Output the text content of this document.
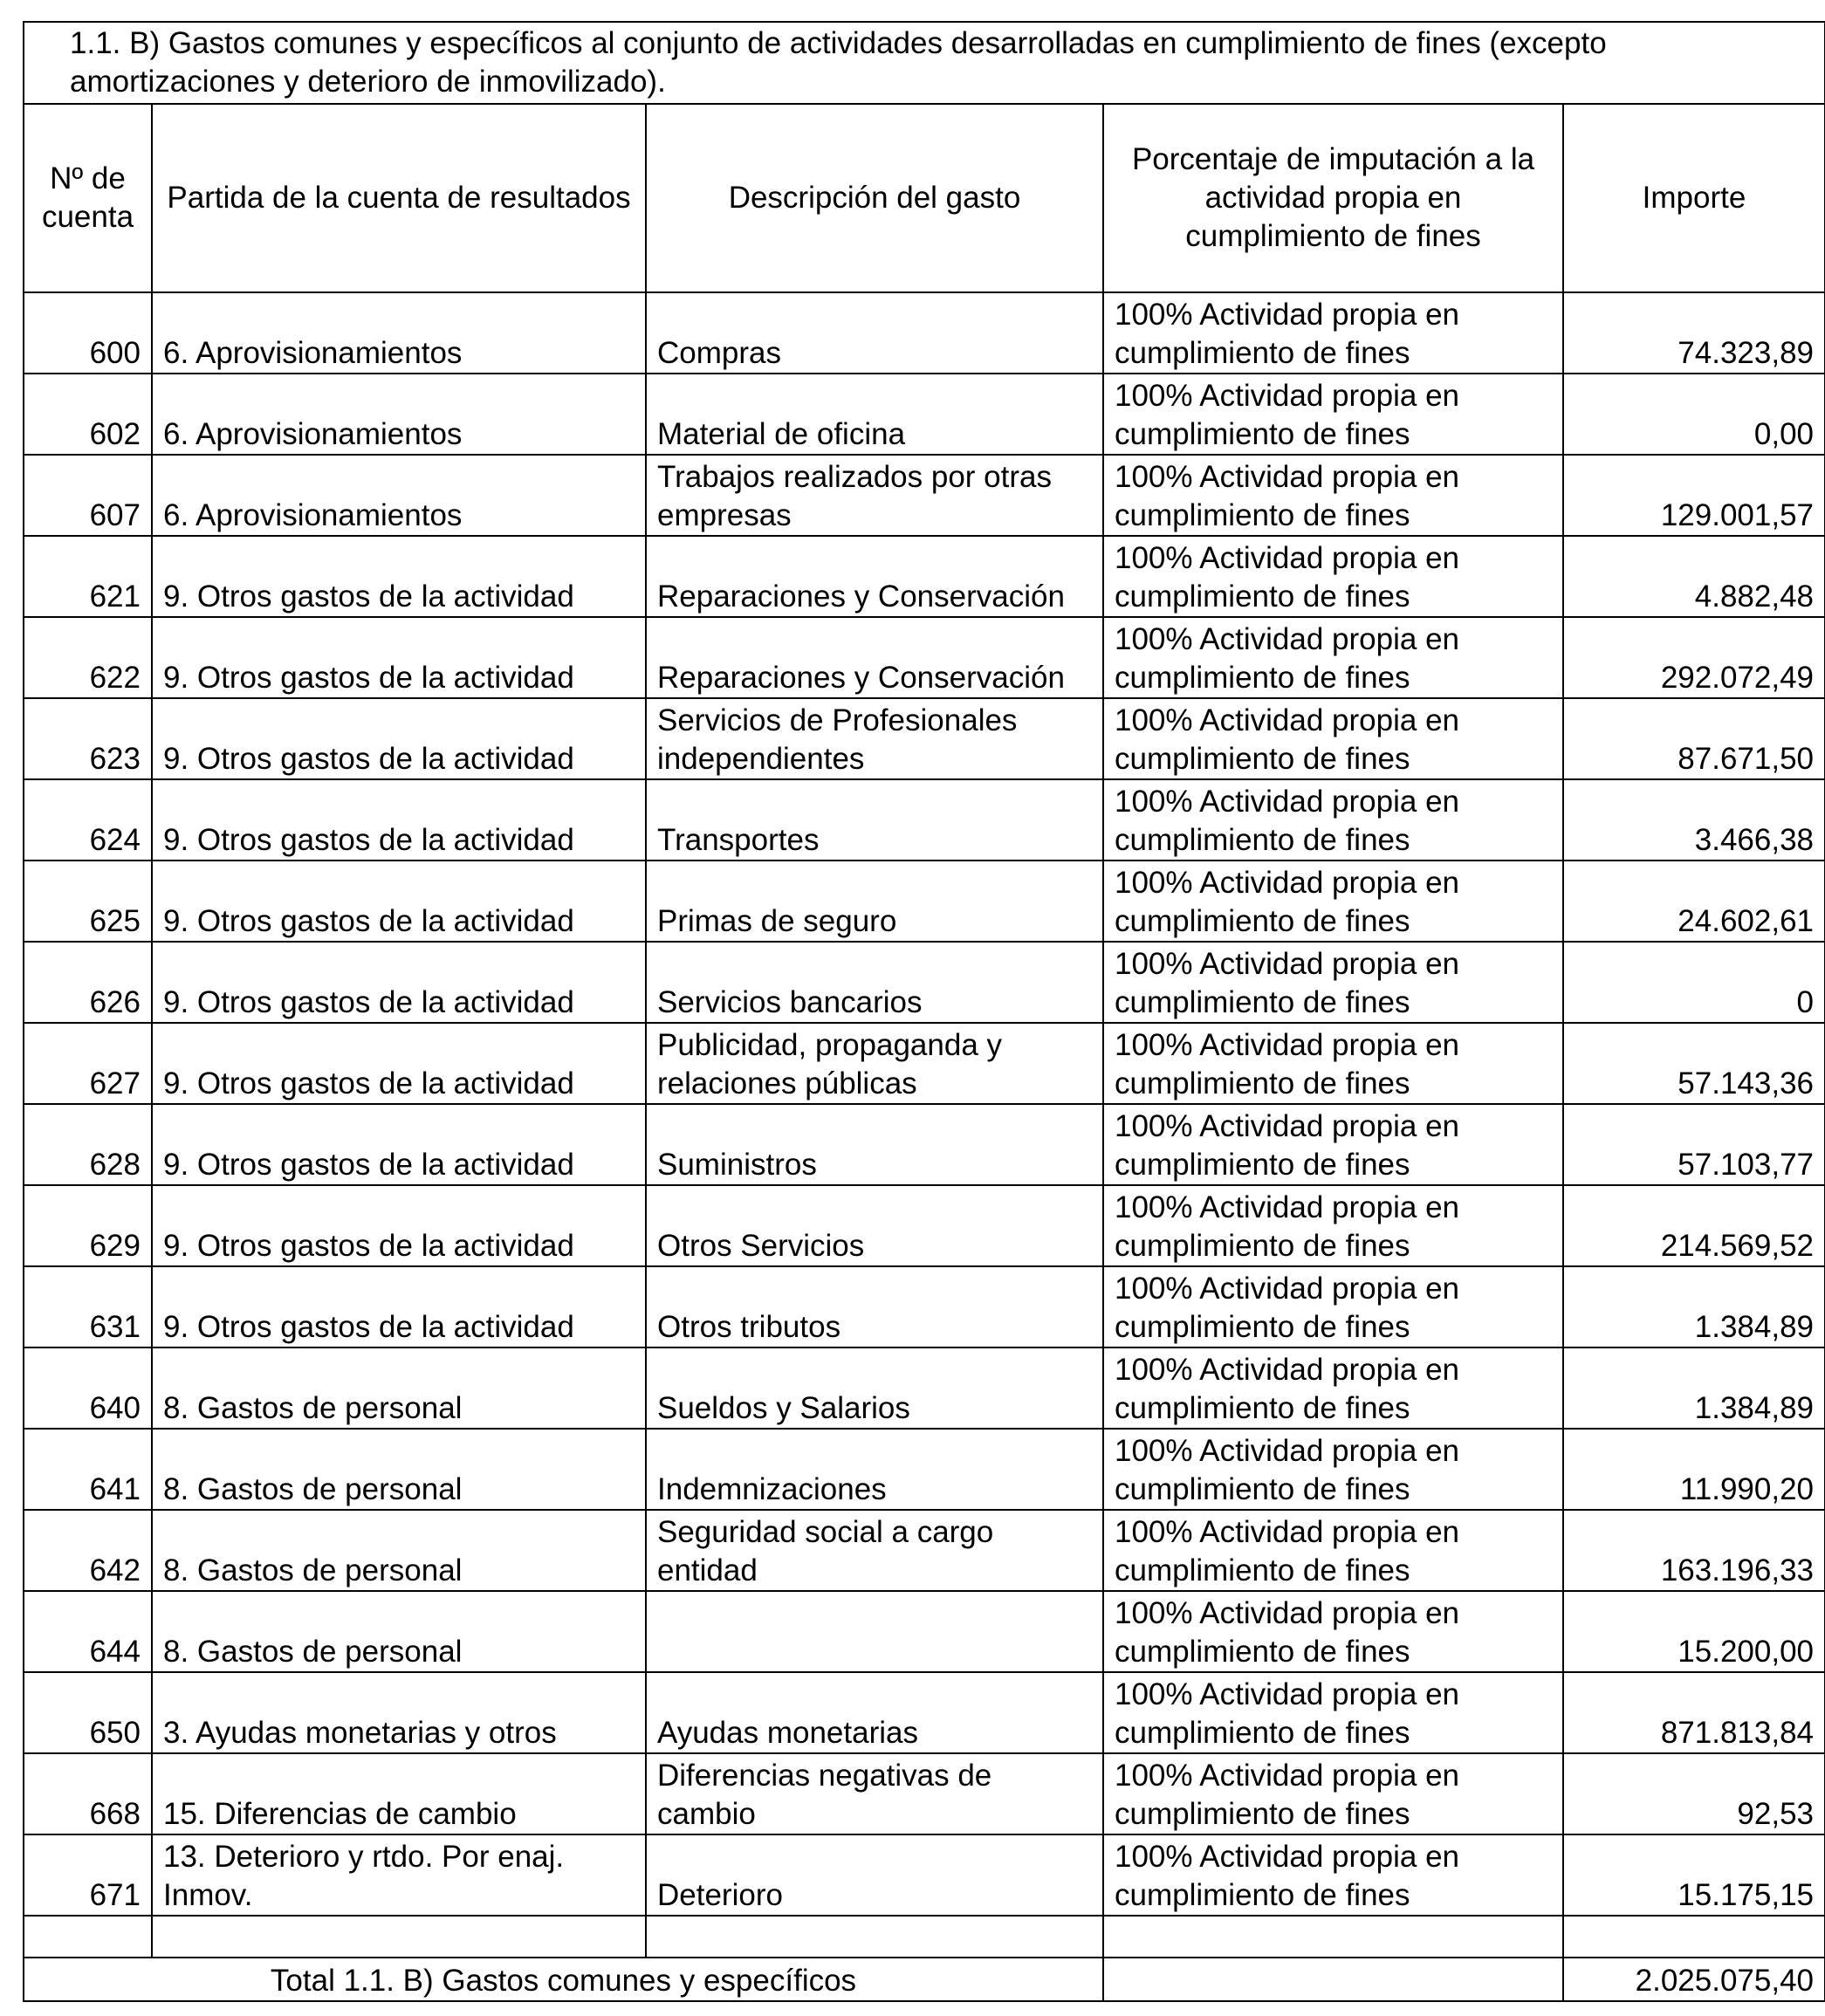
1.1. B) Gastos comunes y específicos al conjunto de actividades desarrolladas en cumplimiento de fines (excepto amortizaciones y deterioro de inmovilizado).				

Nº de cuenta	Partida de la cuenta de resultados	Descripción del gasto	Porcentaje de imputación a la actividad propia en cumplimiento de fines	Importe

600	6. Aprovisionamientos	Compras	100% Actividad propia en cumplimiento de fines	74.323,89
602	6. Aprovisionamientos	Material de oficina	100% Actividad propia en cumplimiento de fines	0,00
607	6. Aprovisionamientos	Trabajos realizados por otras empresas	100% Actividad propia en cumplimiento de fines	129.001,57
621	9. Otros gastos de la actividad	Reparaciones y Conservación	100% Actividad propia en cumplimiento de fines	4.882,48
622	9. Otros gastos de la actividad	Reparaciones y Conservación	100% Actividad propia en cumplimiento de fines	292.072,49
623	9. Otros gastos de la actividad	Servicios de Profesionales independientes	100% Actividad propia en cumplimiento de fines	87.671,50
624	9. Otros gastos de la actividad	Transportes	100% Actividad propia en cumplimiento de fines	3.466,38
625	9. Otros gastos de la actividad	Primas de seguro	100% Actividad propia en cumplimiento de fines	24.602,61
626	9. Otros gastos de la actividad	Servicios bancarios	100% Actividad propia en cumplimiento de fines	0
627	9. Otros gastos de la actividad	Publicidad, propaganda y relaciones públicas	100% Actividad propia en cumplimiento de fines	57.143,36
628	9. Otros gastos de la actividad	Suministros	100% Actividad propia en cumplimiento de fines	57.103,77
629	9. Otros gastos de la actividad	Otros Servicios	100% Actividad propia en cumplimiento de fines	214.569,52
631	9. Otros gastos de la actividad	Otros tributos	100% Actividad propia en cumplimiento de fines	1.384,89
640	8. Gastos de personal	Sueldos y Salarios	100% Actividad propia en cumplimiento de fines	1.384,89
641	8. Gastos de personal	Indemnizaciones	100% Actividad propia en cumplimiento de fines	11.990,20
642	8. Gastos de personal	Seguridad social a cargo entidad	100% Actividad propia en cumplimiento de fines	163.196,33
644	8. Gastos de personal		100% Actividad propia en cumplimiento de fines	15.200,00
650	3. Ayudas monetarias y otros	Ayudas monetarias	100% Actividad propia en cumplimiento de fines	871.813,84
668	15. Diferencias de cambio	Diferencias negativas de cambio	100% Actividad propia en cumplimiento de fines	92,53
671	13. Deterioro y rtdo. Por enaj. Inmov.	Deterioro	100% Actividad propia en cumplimiento de fines	15.175,15

Total 1.1. B) Gastos comunes y específicos				2.025.075,40
